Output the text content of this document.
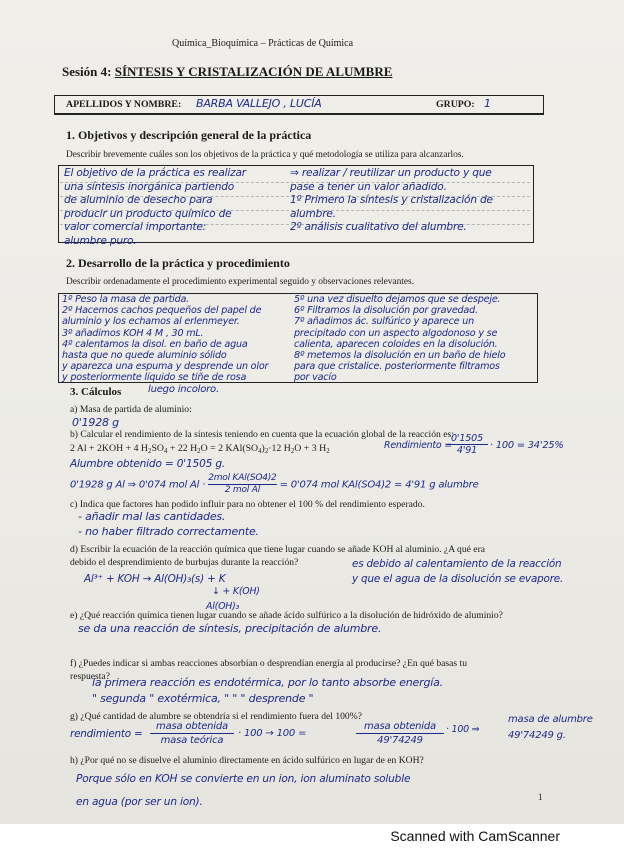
Química_Bioquímica – Prácticas de Química
Sesión 4: SÍNTESIS Y CRISTALIZACIÓN DE ALUMBRE
APELLIDOS Y NOMBRE: BARBA VALLEJO , LUCÍA	GRUPO: 1
1. Objetivos y descripción general de la práctica
Describir brevemente cuáles son los objetivos de la práctica y qué metodología se utiliza para alcanzarlos.
El objetivo de la práctica es realizar
una síntesis inorgánica partiendo
de aluminio de desecho para
producir un producto químico de
valor comercial importante:
alumbre puro.
⇒ realizar / reutilizar un producto y que
pase a tener un valor añadido.
1º Primero la síntesis y cristalización de
alumbre.
2º análisis cualitativo del alumbre.
2. Desarrollo de la práctica y procedimiento
Describir ordenadamente el procedimiento experimental seguido y observaciones relevantes.
1º Peso la masa de partida.
2º Hacemos cachos pequeños del papel de
aluminio y los echamos al erlenmeyer.
3º añadimos KOH 4 M , 30 mL.
4º calentamos la disol. en baño de agua
hasta que no quede aluminio sólido
y aparezca una espuma y desprende un olor
y posteriormente líquido se tiñe de rosa
5º una vez disuelto dejamos que se despeje.
6º Filtramos la disolución por gravedad.
7º añadimos ác. sulfúrico y aparece un
precipitado con un aspecto algodonoso y se
calienta, aparecen coloides en la disolución.
8º metemos la disolución en un baño de hielo
para que cristalice. posteriormente filtramos
por vacío
3. Cálculos	luego incoloro.
a) Masa de partida de aluminio:
0'1928 g
b) Calcular el rendimiento de la síntesis teniendo en cuenta que la ecuación global de la reacción es:
2 Al + 2KOH + 4 $H_2SO_4 + 22$ $H_2O = 2$ $KAl(SO_4)_2\cdot 12$ $H_2O + 3$ $H_2$
Rendimiento =
$\frac{0'1505}{4'91} \cdot 100 = 34'25\%$
Alumbre obtenido = 0'1505 g.
0'1928 g Al ⇒ 0'074 mol Al ·
2mol KAl(SO4)2
2 mol Al	= 0'074 mol KAl(SO4)2 = 4'91 g alumbre
c) Indica que factores han podido influir para no obtener el 100 % del rendimiento esperado.
- añadir mal las cantidades.
- no haber filtrado correctamente.
d) Escribir la ecuación de la reacción química que tiene lugar cuando se añade KOH al aluminio. ¿A qué era
debido el desprendimiento de burbujas durante la reacción?
Al³⁺ + KOH → Al(OH)₃(s) + K
↓ + K(OH)
Al(OH)₃
es debido al calentamiento de la reacción
y que el agua de la disolución se evapore.
e) ¿Qué reacción química tienen lugar cuando se añade ácido sulfúrico a la disolución de hidróxido de aluminio?
se da una reacción de síntesis, precipitación de alumbre.
f) ¿Puedes indicar si ambas reacciones absorbían o desprendían energía al producirse? ¿En qué basas tu
respuesta?
la primera reacción es endotérmica, por lo tanto absorbe energía.
" segunda " exotérmica, " " " desprende "
g) ¿Qué cantidad de alumbre se obtendría si el rendimiento fuera del 100%?
rendimiento =
masa obtenida
masa teórica
· 100 → 100 =
masa obtenida
49'74249
· 100 ⇒
masa de alumbre
49'74249 g.
h) ¿Por qué no se disuelve el aluminio directamente en ácido sulfúrico en lugar de en KOH?
Porque sólo en KOH se convierte en un ion, ion aluminato soluble
en agua (por ser un ion).	1
Scanned with CamScanner
